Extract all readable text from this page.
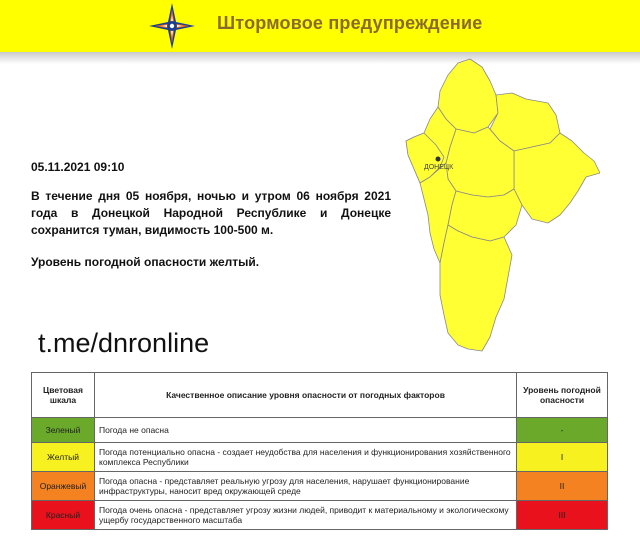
Штормовое предупреждение
05.11.2021 09:10
В течение дня 05 ноября, ночью и утром 06 ноября 2021 года в Донецкой Народной Республике и Донецке сохранится туман, видимость 100-500 м.
Уровень погодной опасности желтый.
ДОНЕЦК
t.me/dnronline
Цветовая шкала	Качественное описание уровня опасности от погодных факторов	Уровень погодной опасности
Зеленый	Погода не опасна	-
Желтый	Погода потенциально опасна - создает неудобства для населения и функционирования хозяйственного комплекса Республики	I
Оранжевый	Погода опасна - представляет реальную угрозу для населения, нарушает функционирование инфраструктуры, наносит вред окружающей среде	II
Красный	Погода очень опасна - представляет угрозу жизни людей, приводит к материальному и экологическому ущербу государственного масштаба	III
